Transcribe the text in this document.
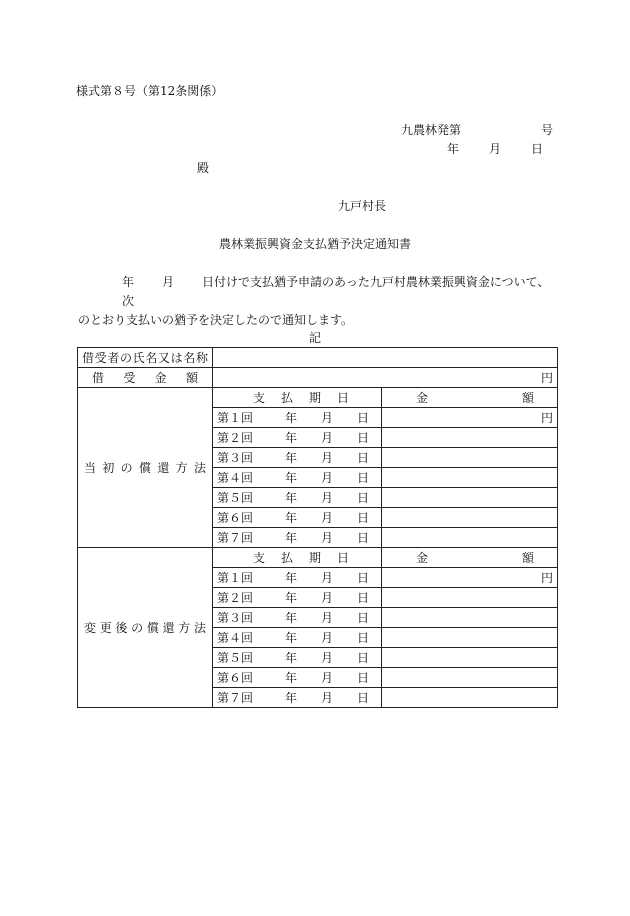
様式第８号（第12条関係）
九農林発第	号
年	月	日
殿
九戸村長
農林業振興資金支払猶予決定通知書
年 月 日付けで支払猶予申請のあった九戸村農林業振興資金について、次
のとおり支払いの猶予を決定したので通知します。
記
借受者の氏名又は名称		
借受金額	円	
当初の償還方法	支払期日	金額
	第１回 年 月 日	円
	第２回 年 月 日	
	第３回 年 月 日	
	第４回 年 月 日	
	第５回 年 月 日	
	第６回 年 月 日	
	第７回 年 月 日	
変更後の償還方法	支払期日	金額
	第１回 年 月 日	円
	第２回 年 月 日	
	第３回 年 月 日	
	第４回 年 月 日	
	第５回 年 月 日	
	第６回 年 月 日	
	第７回 年 月 日	
